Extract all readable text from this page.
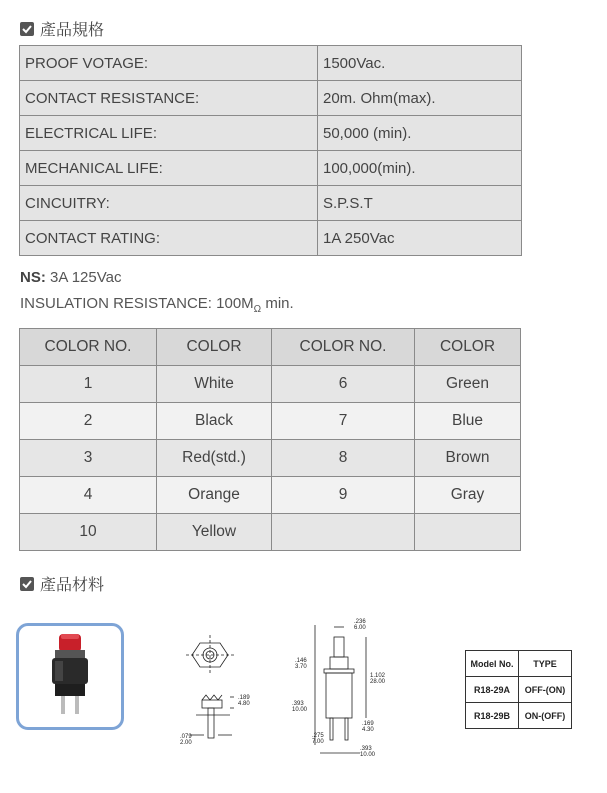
產品規格
PROOF VOTAGE:	1500Vac.
CONTACT RESISTANCE:	20m. Ohm(max).
ELECTRICAL LIFE:	50,000 (min).
MECHANICAL LIFE:	100,000(min).
CINCUITRY:	S.P.S.T
CONTACT RATING:	1A 250Vac
NS: 3A 125Vac
INSULATION RESISTANCE: $100M_\Omega$ min.
COLOR NO.	COLOR	COLOR NO.	COLOR
1	White	6	Green
2	Black	7	Blue
3	Red(std.)	8	Brown
4	Orange	9	Gray
10	Yellow		
產品材料
.189
4.80
.079
2.00
.236
6.00
.146
3.70
1.102
28.00
.393
10.00
.169
4.30
.275
7.00
.393
10.00
Model No.	TYPE
R18-29A	OFF-(ON)
R18-29B	ON-(OFF)
